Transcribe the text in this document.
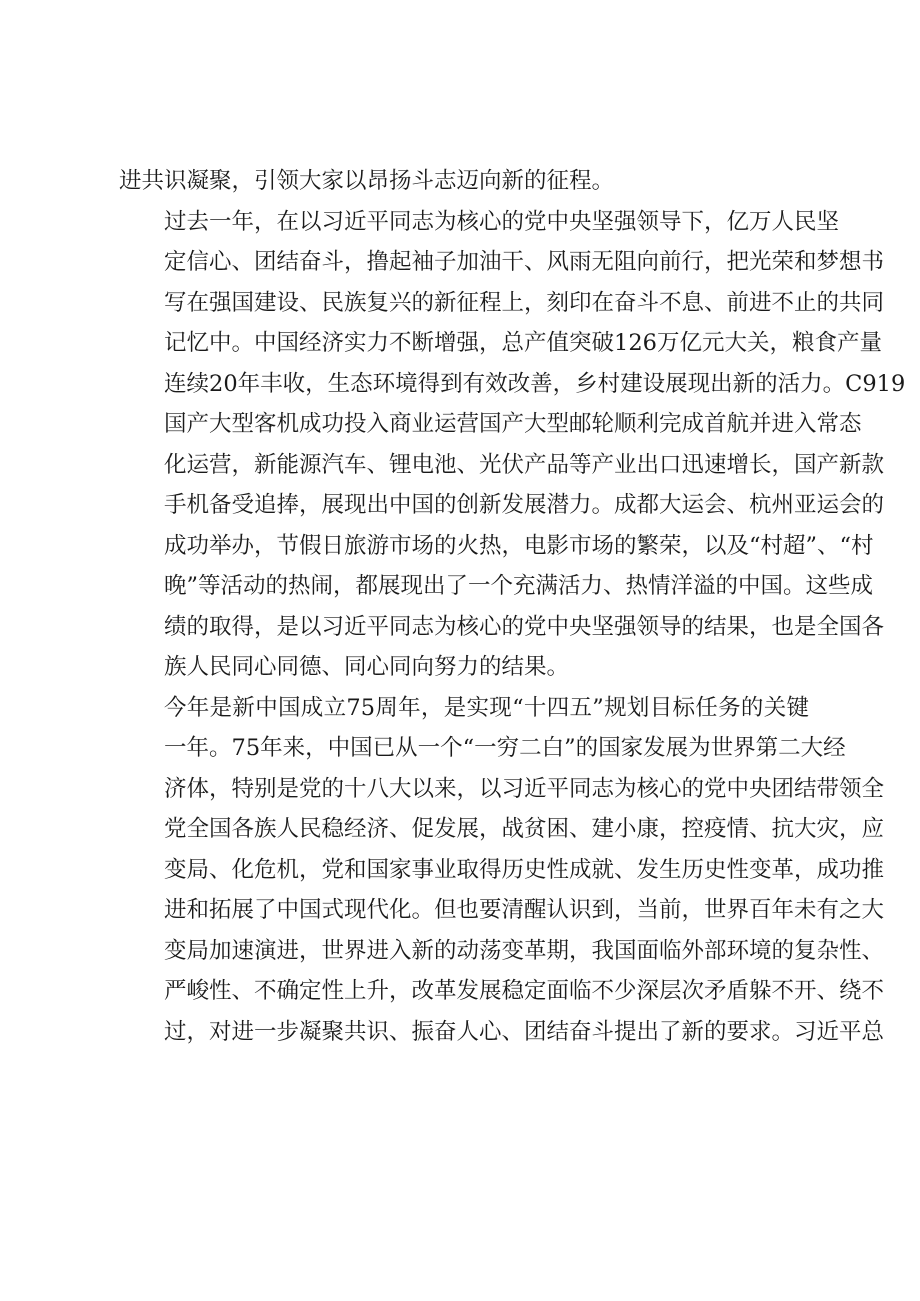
进共识凝聚，引领大家以昂扬斗志迈向新的征程。

过去一年，在以习近平同志为核心的党中央坚强领导下，亿万人民坚
定信心、团结奋斗，撸起袖子加油干、风雨无阻向前行，把光荣和梦想书
写在强国建设、民族复兴的新征程上，刻印在奋斗不息、前进不止的共同
记忆中。中国经济实力不断增强，总产值突破126万亿元大关，粮食产量
连续20年丰收，生态环境得到有效改善，乡村建设展现出新的活力。C919
国产大型客机成功投入商业运营国产大型邮轮顺利完成首航并进入常态
化运营，新能源汽车、锂电池、光伏产品等产业出口迅速增长，国产新款
手机备受追捧，展现出中国的创新发展潜力。成都大运会、杭州亚运会的
成功举办，节假日旅游市场的火热，电影市场的繁荣，以及“村超”、“村
晚”等活动的热闹，都展现出了一个充满活力、热情洋溢的中国。这些成
绩的取得，是以习近平同志为核心的党中央坚强领导的结果，也是全国各
族人民同心同德、同心同向努力的结果。

今年是新中国成立75周年，是实现“十四五”规划目标任务的关键
一年。75年来，中国已从一个“一穷二白”的国家发展为世界第二大经
济体，特别是党的十八大以来，以习近平同志为核心的党中央团结带领全
党全国各族人民稳经济、促发展，战贫困、建小康，控疫情、抗大灾，应
变局、化危机，党和国家事业取得历史性成就、发生历史性变革，成功推
进和拓展了中国式现代化。但也要清醒认识到，当前，世界百年未有之大
变局加速演进，世界进入新的动荡变革期，我国面临外部环境的复杂性、
严峻性、不确定性上升，改革发展稳定面临不少深层次矛盾躲不开、绕不
过，对进一步凝聚共识、振奋人心、团结奋斗提出了新的要求。习近平总
